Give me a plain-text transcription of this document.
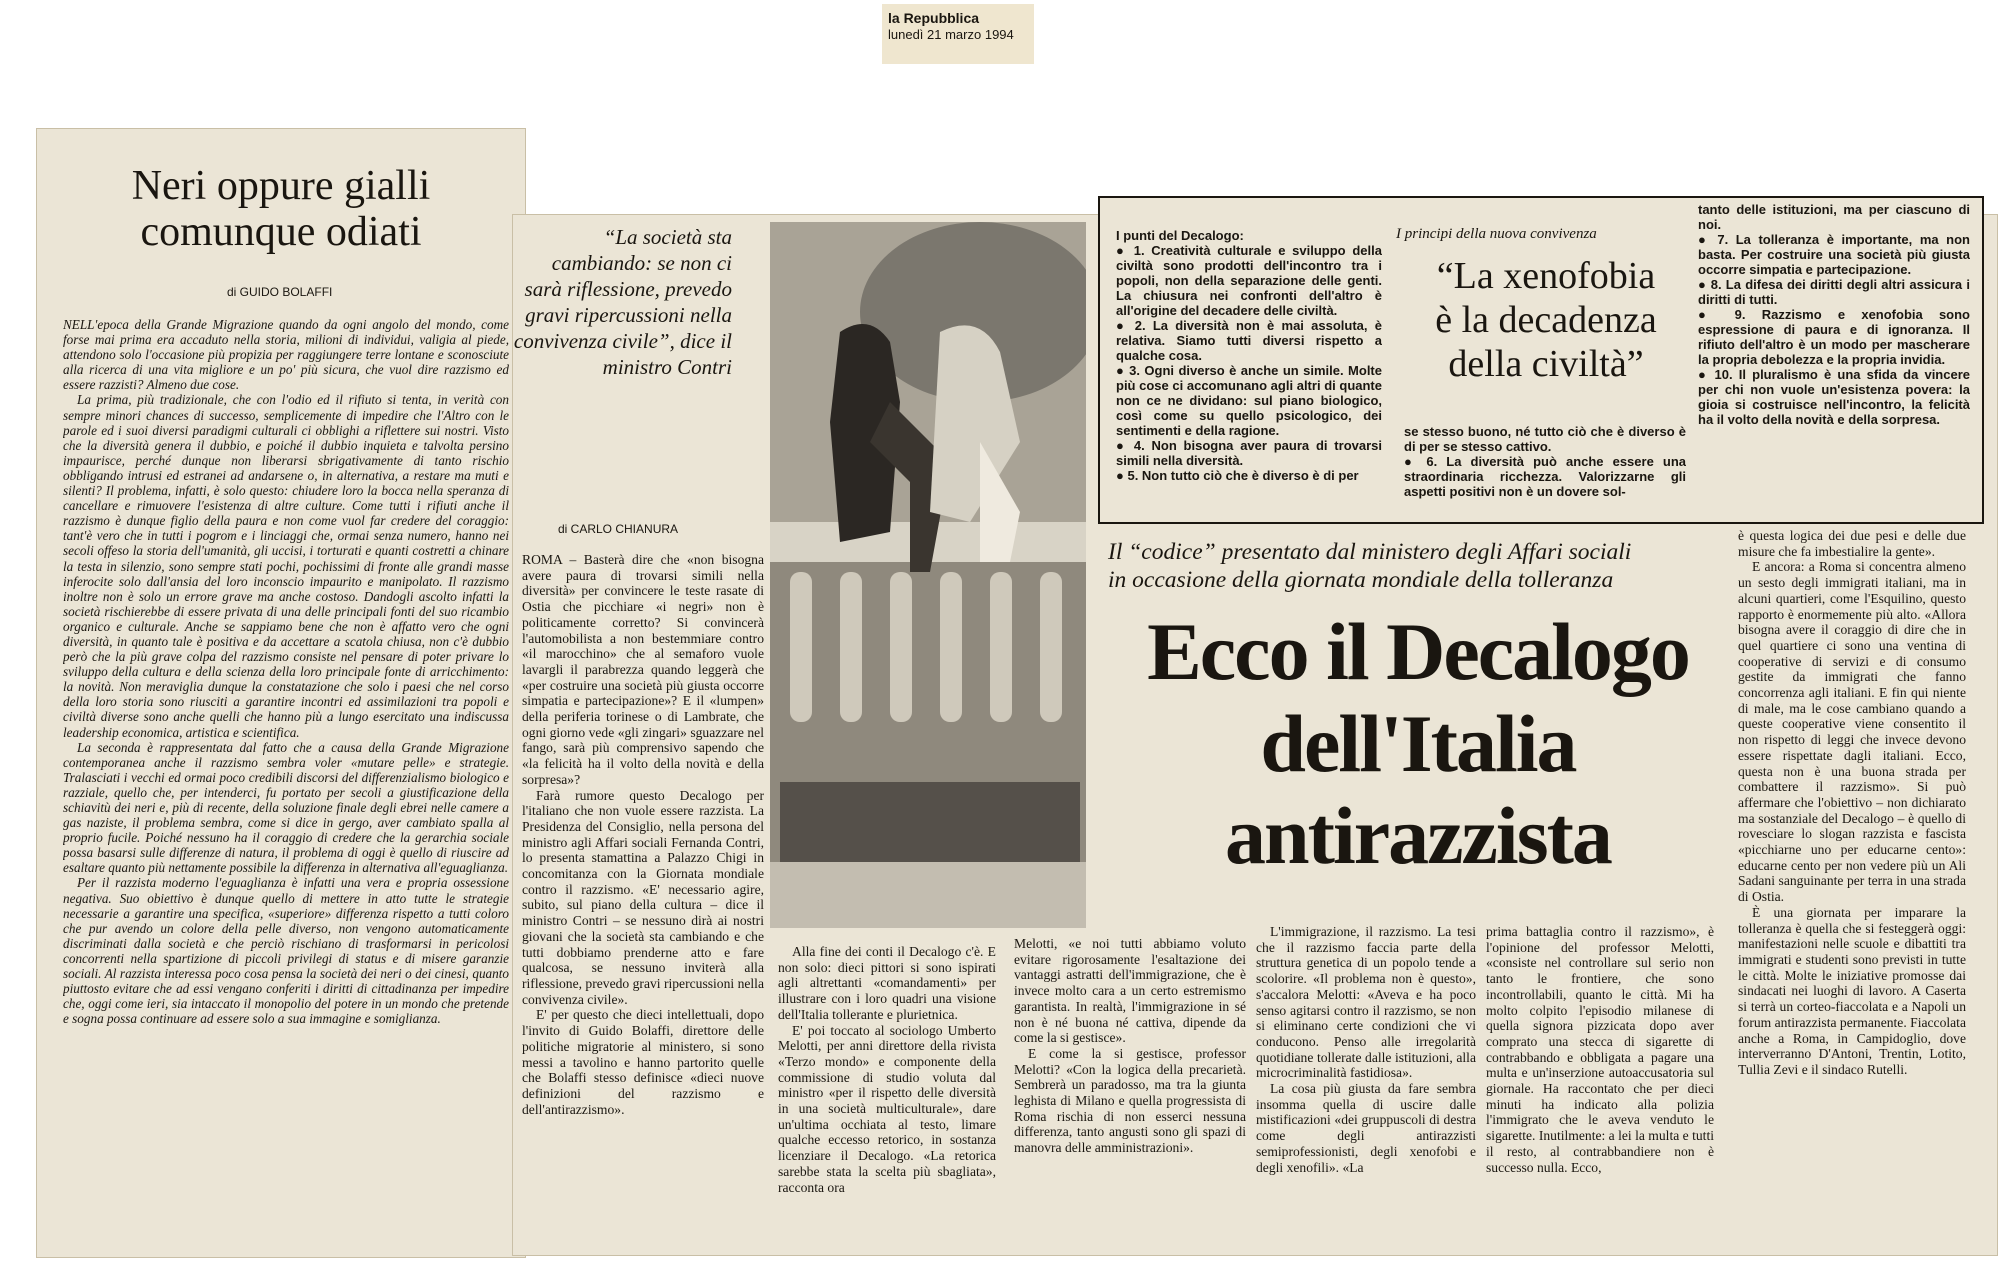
la Repubblica
lunedì 21 marzo 1994
Neri oppure gialli
comunque odiati
di GUIDO BOLAFFI

NELL'epoca della Grande Migrazione quando da ogni angolo del mondo, come forse mai prima era accaduto nella storia, milioni di individui, valigia al piede, attendono solo l'occasione più propizia per raggiungere terre lontane e sconosciute alla ricerca di una vita migliore e un po' più sicura, che vuol dire razzismo ed essere razzisti? Almeno due cose.

La prima, più tradizionale, che con l'odio ed il rifiuto si tenta, in verità con sempre minori chances di successo, semplicemente di impedire che l'Altro con le parole ed i suoi diversi paradigmi culturali ci obblighi a riflettere sui nostri. Visto che la diversità genera il dubbio, e poiché il dubbio inquieta e talvolta persino impaurisce, perché dunque non liberarsi sbrigativamente di tanto rischio obbligando intrusi ed estranei ad andarsene o, in alternativa, a restare ma muti e silenti? Il problema, infatti, è solo questo: chiudere loro la bocca nella speranza di cancellare e rimuovere l'esistenza di altre culture. Come tutti i rifiuti anche il razzismo è dunque figlio della paura e non come vuol far credere del coraggio: tant'è vero che in tutti i pogrom e i linciaggi che, ormai senza numero, hanno nei secoli offeso la storia dell'umanità, gli uccisi, i torturati e quanti costretti a chinare la testa in silenzio, sono sempre stati pochi, pochissimi di fronte alle grandi masse inferocite solo dall'ansia del loro inconscio impaurito e manipolato. Il razzismo inoltre non è solo un errore grave ma anche costoso. Dandogli ascolto infatti la società rischierebbe di essere privata di una delle principali fonti del suo ricambio organico e culturale. Anche se sappiamo bene che non è affatto vero che ogni diversità, in quanto tale è positiva e da accettare a scatola chiusa, non c'è dubbio però che la più grave colpa del razzismo consiste nel pensare di poter privare lo sviluppo della cultura e della scienza della loro principale fonte di arricchimento: la novità. Non meraviglia dunque la constatazione che solo i paesi che nel corso della loro storia sono riusciti a garantire incontri ed assimilazioni tra popoli e civiltà diverse sono anche quelli che hanno più a lungo esercitato una indiscussa leadership economica, artistica e scientifica.

La seconda è rappresentata dal fatto che a causa della Grande Migrazione contemporanea anche il razzismo sembra voler «mutare pelle» e strategie. Tralasciati i vecchi ed ormai poco credibili discorsi del differenzialismo biologico e razziale, quello che, per intenderci, fu portato per secoli a giustificazione della schiavitù dei neri e, più di recente, della soluzione finale degli ebrei nelle camere a gas naziste, il problema sembra, come si dice in gergo, aver cambiato spalla al proprio fucile. Poiché nessuno ha il coraggio di credere che la gerarchia sociale possa basarsi sulle differenze di natura, il problema di oggi è quello di riuscire ad esaltare quanto più nettamente possibile la differenza in alternativa all'eguaglianza.

Per il razzista moderno l'eguaglianza è infatti una vera e propria ossessione negativa. Suo obiettivo è dunque quello di mettere in atto tutte le strategie necessarie a garantire una specifica, «superiore» differenza rispetto a tutti coloro che pur avendo un colore della pelle diverso, non vengono automaticamente discriminati dalla società e che perciò rischiano di trasformarsi in pericolosi concorrenti nella spartizione di piccoli privilegi di status e di misere garanzie sociali. Al razzista interessa poco cosa pensa la società dei neri o dei cinesi, quanto piuttosto evitare che ad essi vengano conferiti i diritti di cittadinanza per impedire che, oggi come ieri, sia intaccato il monopolio del potere in un mondo che pretende e sogna possa continuare ad essere solo a sua immagine e somiglianza.

“La società sta cambiando: se non ci sarà riflessione, prevedo gravi ripercussioni nella convivenza civile”, dice il ministro Contri
di CARLO CHIANURA

ROMA – Basterà dire che «non bisogna avere paura di trovarsi simili nella diversità» per convincere le teste rasate di Ostia che picchiare «i negri» non è politicamente corretto? Si convincerà l'automobilista a non bestemmiare contro «il marocchino» che al semaforo vuole lavargli il parabrezza quando leggerà che «per costruire una società più giusta occorre simpatia e partecipazione»? E il «lumpen» della periferia torinese o di Lambrate, che ogni giorno vede «gli zingari» sguazzare nel fango, sarà più comprensivo sapendo che «la felicità ha il volto della novità e della sorpresa»?

Farà rumore questo Decalogo per l'italiano che non vuole essere razzista. La Presidenza del Consiglio, nella persona del ministro agli Affari sociali Fernanda Contri, lo presenta stamattina a Palazzo Chigi in concomitanza con la Giornata mondiale contro il razzismo. «E' necessario agire, subito, sul piano della cultura – dice il ministro Contri – se nessuno dirà ai nostri giovani che la società sta cambiando e che tutti dobbiamo prenderne atto e fare qualcosa, se nessuno inviterà alla riflessione, prevedo gravi ripercussioni nella convivenza civile».

E' per questo che dieci intellettuali, dopo l'invito di Guido Bolaffi, direttore delle politiche migratorie al ministero, si sono messi a tavolino e hanno partorito quelle che Bolaffi stesso definisce «dieci nuove definizioni del razzismo e dell'antirazzismo».

Alla fine dei conti il Decalogo c'è. E non solo: dieci pittori si sono ispirati agli altrettanti «comandamenti» per illustrare con i loro quadri una visione dell'Italia tollerante e plurietnica.

E' poi toccato al sociologo Umberto Melotti, per anni direttore della rivista «Terzo mondo» e componente della commissione di studio voluta dal ministro «per il rispetto delle diversità in una società multiculturale», dare un'ultima occhiata al testo, limare qualche eccesso retorico, in sostanza licenziare il Decalogo. «La retorica sarebbe stata la scelta più sbagliata», racconta ora

I punti del Decalogo:
● 1. Creatività culturale e sviluppo della civiltà sono prodotti dell'incontro tra i popoli, non della separazione delle genti. La chiusura nei confronti dell'altro è all'origine del decadere delle civiltà.
● 2. La diversità non è mai assoluta, è relativa. Siamo tutti diversi rispetto a qualche cosa.
● 3. Ogni diverso è anche un simile. Molte più cose ci accomunano agli altri di quante non ce ne dividano: sul piano biologico, così come su quello psicologico, dei sentimenti e della ragione.
● 4. Non bisogna aver paura di trovarsi simili nella diversità.
● 5. Non tutto ciò che è diverso è di per
I principi della nuova convivenza
“La xenofobia
è la decadenza
della civiltà”
se stesso buono, né tutto ciò che è diverso è di per se stesso cattivo.
● 6. La diversità può anche essere una straordinaria ricchezza. Valorizzarne gli aspetti positivi non è un dovere sol-
tanto delle istituzioni, ma per ciascuno di noi.
● 7. La tolleranza è importante, ma non basta. Per costruire una società più giusta occorre simpatia e partecipazione.
● 8. La difesa dei diritti degli altri assicura i diritti di tutti.
● 9. Razzismo e xenofobia sono espressione di paura e di ignoranza. Il rifiuto dell'altro è un modo per mascherare la propria debolezza e la propria invidia.
● 10. Il pluralismo è una sfida da vincere per chi non vuole un'esistenza povera: la gioia si costruisce nell'incontro, la felicità ha il volto della novità e della sorpresa.
Il “codice” presentato dal ministero degli Affari sociali
in occasione della giornata mondiale della tolleranza
Ecco il Decalogo
dell'Italia
antirazzista

Melotti, «e noi tutti abbiamo voluto evitare rigorosamente l'esaltazione dei vantaggi astratti dell'immigrazione, che è invece molto cara a un certo estremismo garantista. In realtà, l'immigrazione in sé non è né buona né cattiva, dipende da come la si gestisce».

E come la si gestisce, professor Melotti? «Con la logica della precarietà. Sembrerà un paradosso, ma tra la giunta leghista di Milano e quella progressista di Roma rischia di non esserci nessuna differenza, tanto angusti sono gli spazi di manovra delle amministrazioni».

L'immigrazione, il razzismo. La tesi che il razzismo faccia parte della struttura genetica di un popolo tende a scolorire. «Il problema non è questo», s'accalora Melotti: «Aveva e ha poco senso agitarsi contro il razzismo, se non si eliminano certe condizioni che vi conducono. Penso alle irregolarità quotidiane tollerate dalle istituzioni, alla microcriminalità fastidiosa».

La cosa più giusta da fare sembra insomma quella di uscire dalle mistificazioni «dei gruppuscoli di destra come degli antirazzisti semiprofessionisti, degli xenofobi e degli xenofili». «La

prima battaglia contro il razzismo», è l'opinione del professor Melotti, «consiste nel controllare sul serio non tanto le frontiere, che sono incontrollabili, quanto le città. Mi ha molto colpito l'episodio milanese di quella signora pizzicata dopo aver comprato una stecca di sigarette di contrabbando e obbligata a pagare una multa e un'inserzione autoaccusatoria sul giornale. Ha raccontato che per dieci minuti ha indicato alla polizia l'immigrato che le aveva venduto le sigarette. Inutilmente: a lei la multa e tutti il resto, al contrabbandiere non è successo nulla. Ecco,

è questa logica dei due pesi e delle due misure che fa imbestialire la gente».

E ancora: a Roma si concentra almeno un sesto degli immigrati italiani, ma in alcuni quartieri, come l'Esquilino, questo rapporto è enormemente più alto. «Allora bisogna avere il coraggio di dire che in quel quartiere ci sono una ventina di cooperative di servizi e di consumo gestite da immigrati che fanno concorrenza agli italiani. E fin qui niente di male, ma le cose cambiano quando a queste cooperative viene consentito il non rispetto di leggi che invece devono essere rispettate dagli italiani. Ecco, questa non è una buona strada per combattere il razzismo». Si può affermare che l'obiettivo – non dichiarato ma sostanziale del Decalogo – è quello di rovesciare lo slogan razzista e fascista «picchiarne uno per educarne cento»: educarne cento per non vedere più un Ali Sadani sanguinante per terra in una strada di Ostia.

È una giornata per imparare la tolleranza è quella che si festeggerà oggi: manifestazioni nelle scuole e dibattiti tra immigrati e studenti sono previsti in tutte le città. Molte le iniziative promosse dai sindacati nei luoghi di lavoro. A Caserta si terrà un corteo-fiaccolata e a Napoli un forum antirazzista permanente. Fiaccolata anche a Roma, in Campidoglio, dove interverranno D'Antoni, Trentin, Lotito, Tullia Zevi e il sindaco Rutelli.
